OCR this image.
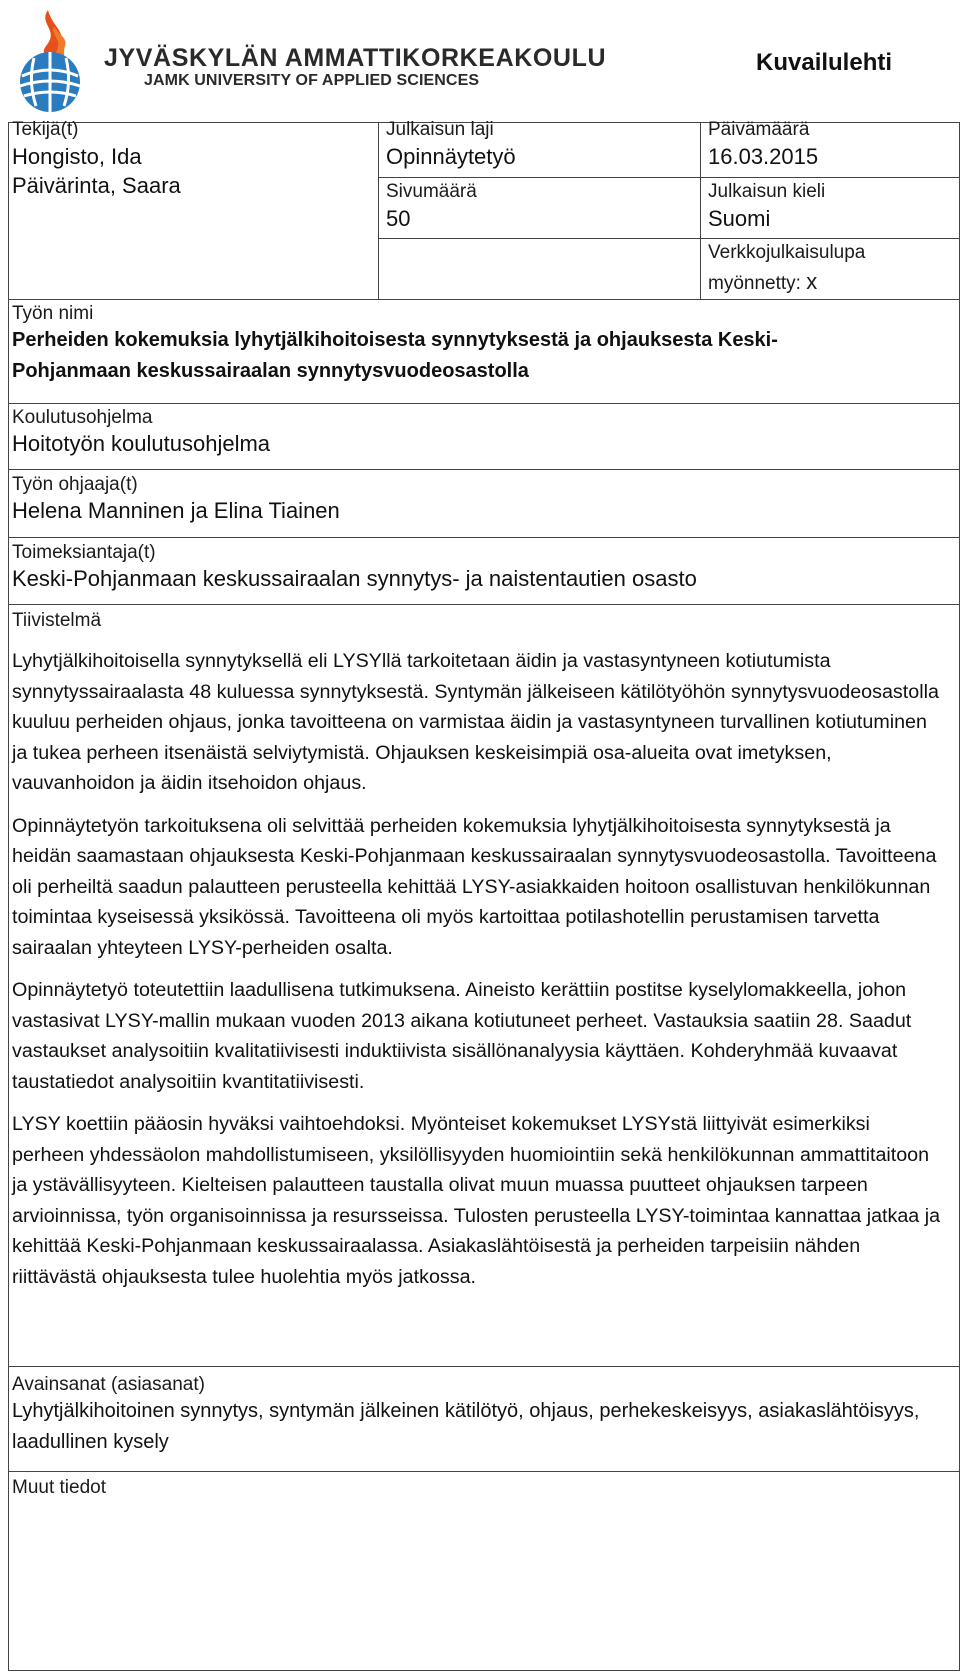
JYVÄSKYLÄN AMMATTIKORKEAKOULU
JAMK UNIVERSITY OF APPLIED SCIENCES
Kuvailulehti
Tekijä(t)
Hongisto, Ida
Päivärinta, Saara
Julkaisun laji
Opinnäytetyö
Sivumäärä
50
Päivämäärä
16.03.2015
Julkaisun kieli
Suomi
Verkkojulkaisulupa
myönnetty: x
Työn nimi
Perheiden kokemuksia lyhytjälkihoitoisesta synnytyksestä ja ohjauksesta Keski-
Pohjanmaan keskussairaalan synnytysvuodeosastolla
Koulutusohjelma
Hoitotyön koulutusohjelma
Työn ohjaaja(t)
Helena Manninen ja Elina Tiainen
Toimeksiantaja(t)
Keski-Pohjanmaan keskussairaalan synnytys- ja naistentautien osasto
Tiivistelmä

Lyhytjälkihoitoisella synnytyksellä eli LYSYllä tarkoitetaan äidin ja vastasyntyneen kotiutumista synnytyssairaalasta 48 kuluessa synnytyksestä. Syntymän jälkeiseen kätilötyöhön synnytysvuodeosastolla kuuluu perheiden ohjaus, jonka tavoitteena on varmistaa äidin ja vastasyntyneen turvallinen kotiutuminen ja tukea perheen itsenäistä selviytymistä. Ohjauksen keskeisimpiä osa-alueita ovat imetyksen, vauvanhoidon ja äidin itsehoidon ohjaus.

Opinnäytetyön tarkoituksena oli selvittää perheiden kokemuksia lyhytjälkihoitoisesta synnytyksestä ja heidän saamastaan ohjauksesta Keski-Pohjanmaan keskussairaalan synnytysvuodeosastolla. Tavoitteena oli perheiltä saadun palautteen perusteella kehittää LYSY-asiakkaiden hoitoon osallistuvan henkilökunnan toimintaa kyseisessä yksikössä. Tavoitteena oli myös kartoittaa potilashotellin perustamisen tarvetta sairaalan yhteyteen LYSY-perheiden osalta.

Opinnäytetyö toteutettiin laadullisena tutkimuksena. Aineisto kerättiin postitse kyselylomakkeella, johon vastasivat LYSY-mallin mukaan vuoden 2013 aikana kotiutuneet perheet. Vastauksia saatiin 28. Saadut vastaukset analysoitiin kvalitatiivisesti induktiivista sisällönanalyysia käyttäen. Kohderyhmää kuvaavat taustatiedot analysoitiin kvantitatiivisesti.

LYSY koettiin pääosin hyväksi vaihtoehdoksi. Myönteiset kokemukset LYSYstä liittyivät esimerkiksi perheen yhdessäolon mahdollistumiseen, yksilöllisyyden huomiointiin sekä henkilökunnan ammattitaitoon ja ystävällisyyteen. Kielteisen palautteen taustalla olivat muun muassa puutteet ohjauksen tarpeen arvioinnissa, työn organisoinnissa ja resursseissa. Tulosten perusteella LYSY-toimintaa kannattaa jatkaa ja kehittää Keski-Pohjanmaan keskussairaalassa. Asiakaslähtöisestä ja perheiden tarpeisiin nähden riittävästä ohjauksesta tulee huolehtia myös jatkossa.

Avainsanat (asiasanat)
Lyhytjälkihoitoinen synnytys, syntymän jälkeinen kätilötyö, ohjaus, perhekeskeisyys, asiakaslähtöisyys, laadullinen kysely
Muut tiedot
